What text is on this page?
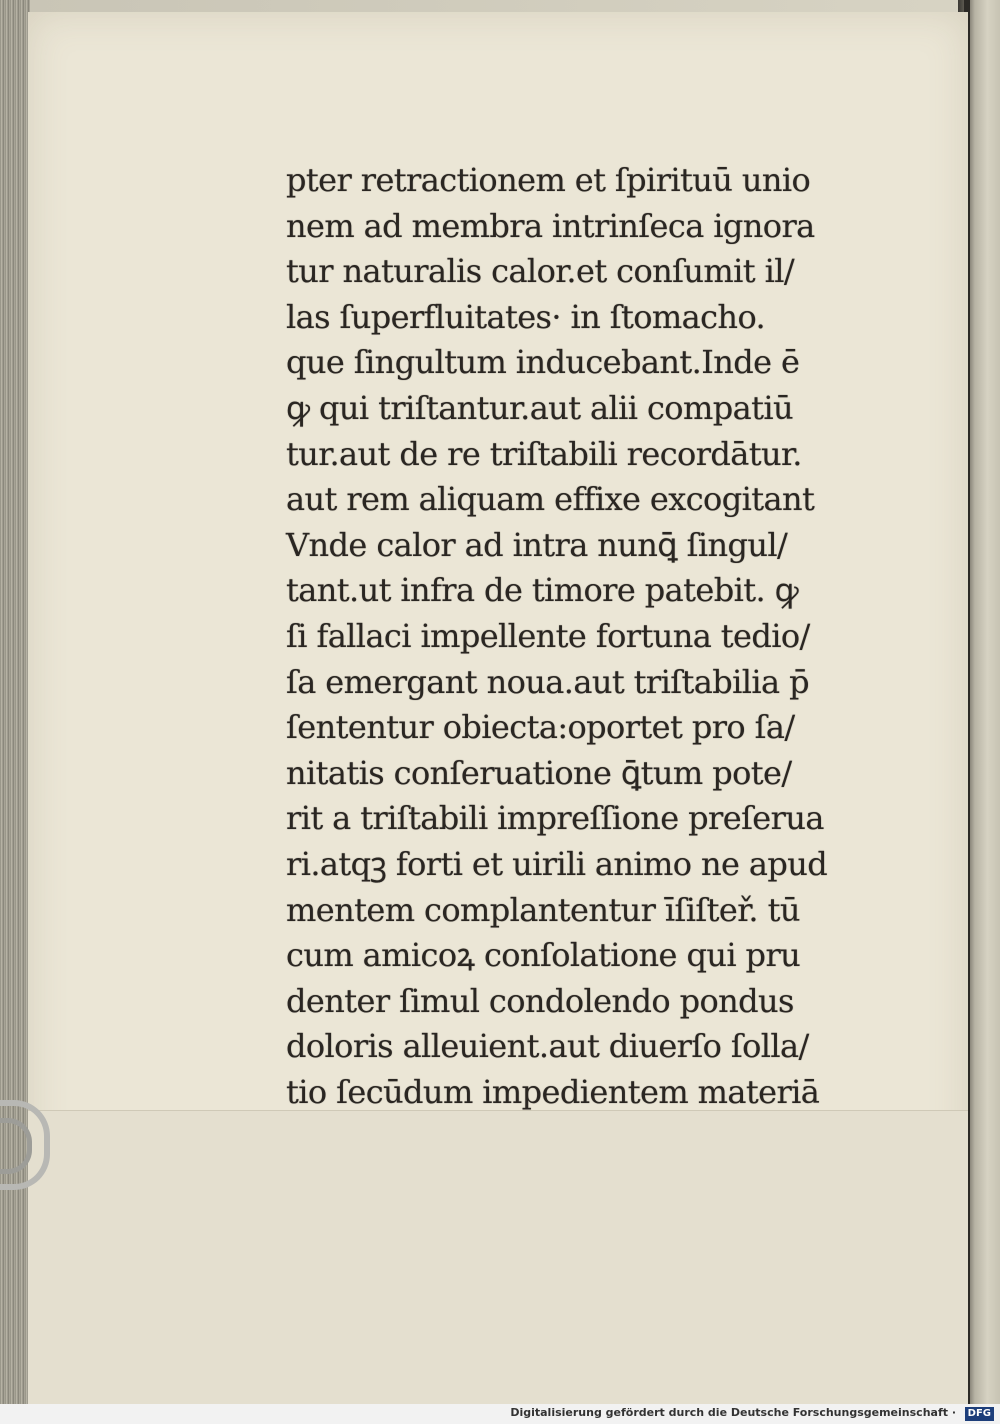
pter retractionem et ſpirituū unio
nem ad membra intrinſeca ignora
tur naturalis calor.et conſumit il/
las ſuperfluitates· in ſtomacho.
que ſingultum inducebant.Inde ē
ꝙ qui triſtantur.aut alii compatiū
tur.aut de re triſtabili recordātur.
aut rem aliquam effixe excogitant
Vnde calor ad intra nunꝗ̄ ſingul/
tant.ut infra de timore patebit. ꝙ
ſi fallaci impellente fortuna tedio/
ſa emergant noua.aut triſtabilia p̄
ſententur obiecta:oportet pro ſa/
nitatis conſeruatione ꝗ̄tum pote/
rit a triſtabili impreſſione preſerua
ri.atqꝫ forti et uirili animo ne apud
mentem complantentur īſiſteř. tū
cum amicoꝝ conſolatione qui pru
denter ſimul condolendo pondus
doloris alleuient.aut diuerſo ſolla/
tio ſecūdum impedientem materiā
Digitalisierung gefördert durch die Deutsche Forschungsgemeinschaft ·	DFG
